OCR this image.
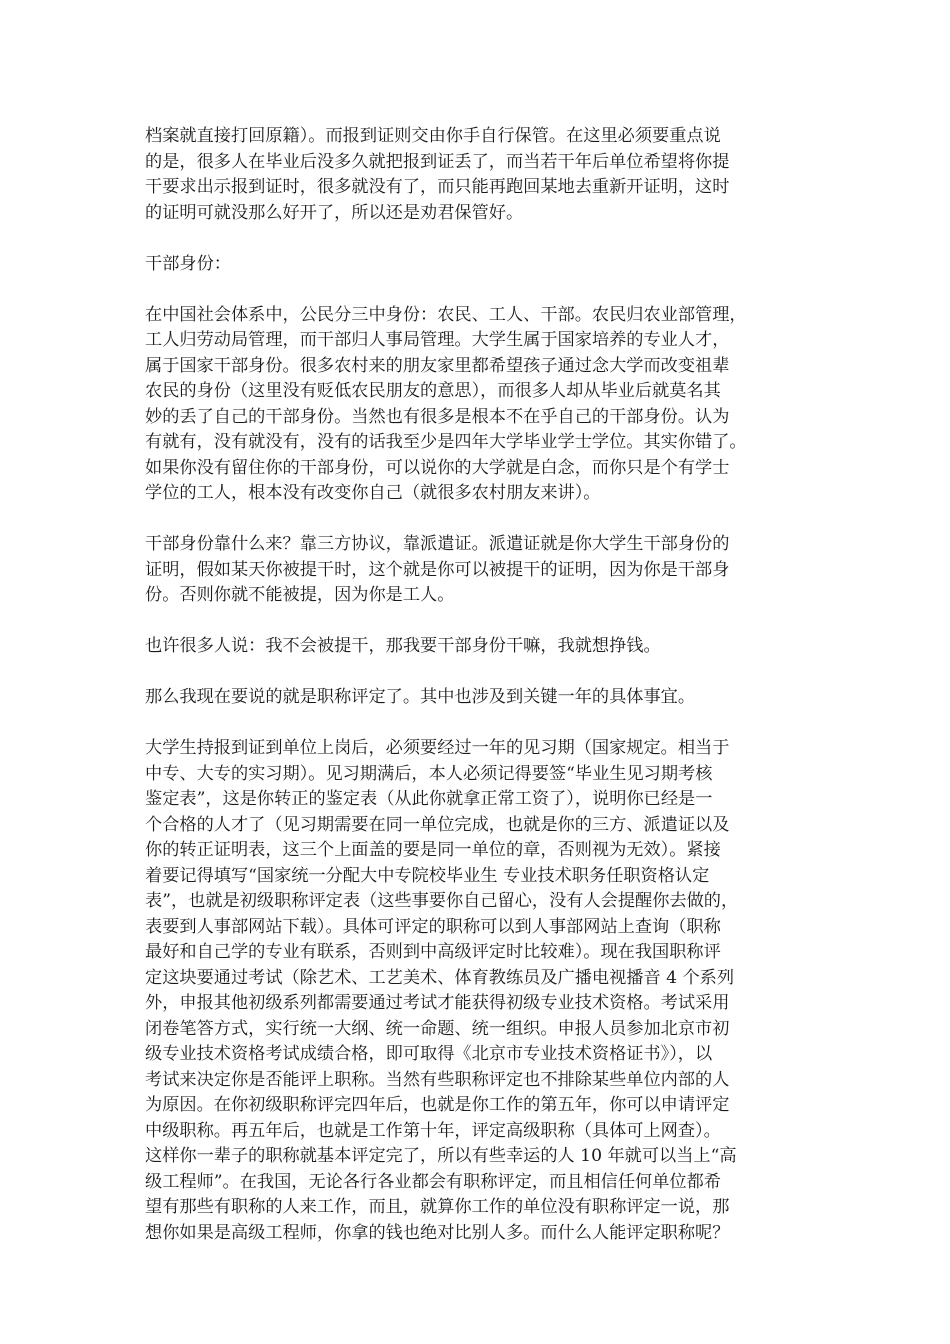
档案就直接打回原籍）。而报到证则交由你手自行保管。在这里必须要重点说
的是，很多人在毕业后没多久就把报到证丢了，而当若干年后单位希望将你提
干要求出示报到证时，很多就没有了，而只能再跑回某地去重新开证明，这时
的证明可就没那么好开了，所以还是劝君保管好。
干部身份：
在中国社会体系中，公民分三中身份：农民、工人、干部。农民归农业部管理，
工人归劳动局管理，而干部归人事局管理。大学生属于国家培养的专业人才，
属于国家干部身份。很多农村来的朋友家里都希望孩子通过念大学而改变祖辈
农民的身份（这里没有贬低农民朋友的意思），而很多人却从毕业后就莫名其
妙的丢了自己的干部身份。当然也有很多是根本不在乎自己的干部身份。认为
有就有，没有就没有，没有的话我至少是四年大学毕业学士学位。其实你错了。
如果你没有留住你的干部身份，可以说你的大学就是白念，而你只是个有学士
学位的工人，根本没有改变你自己（就很多农村朋友来讲）。
干部身份靠什么来？靠三方协议，靠派遣证。派遣证就是你大学生干部身份的
证明，假如某天你被提干时，这个就是你可以被提干的证明，因为你是干部身
份。否则你就不能被提，因为你是工人。
也许很多人说：我不会被提干，那我要干部身份干嘛，我就想挣钱。
那么我现在要说的就是职称评定了。其中也涉及到关键一年的具体事宜。
大学生持报到证到单位上岗后，必须要经过一年的见习期（国家规定。相当于
中专、大专的实习期）。见习期满后，本人必须记得要签“毕业生见习期考核
鉴定表”，这是你转正的鉴定表（从此你就拿正常工资了），说明你已经是一
个合格的人才了（见习期需要在同一单位完成，也就是你的三方、派遣证以及
你的转正证明表，这三个上面盖的要是同一单位的章，否则视为无效）。紧接
着要记得填写“国家统一分配大中专院校毕业生 专业技术职务任职资格认定
表”，也就是初级职称评定表（这些事要你自己留心，没有人会提醒你去做的，
表要到人事部网站下载）。具体可评定的职称可以到人事部网站上查询（职称
最好和自己学的专业有联系，否则到中高级评定时比较难）。现在我国职称评
定这块要通过考试（除艺术、工艺美术、体育教练员及广播电视播音 4 个系列
外，申报其他初级系列都需要通过考试才能获得初级专业技术资格。考试采用
闭卷笔答方式，实行统一大纲、统一命题、统一组织。申报人员参加北京市初
级专业技术资格考试成绩合格，即可取得《北京市专业技术资格证书》），以
考试来决定你是否能评上职称。当然有些职称评定也不排除某些单位内部的人
为原因。在你初级职称评完四年后，也就是你工作的第五年，你可以申请评定
中级职称。再五年后，也就是工作第十年，评定高级职称（具体可上网查）。
这样你一辈子的职称就基本评定完了，所以有些幸运的人 10 年就可以当上“高
级工程师”。在我国，无论各行各业都会有职称评定，而且相信任何单位都希
望有那些有职称的人来工作，而且，就算你工作的单位没有职称评定一说，那
想你如果是高级工程师，你拿的钱也绝对比别人多。而什么人能评定职称呢？
